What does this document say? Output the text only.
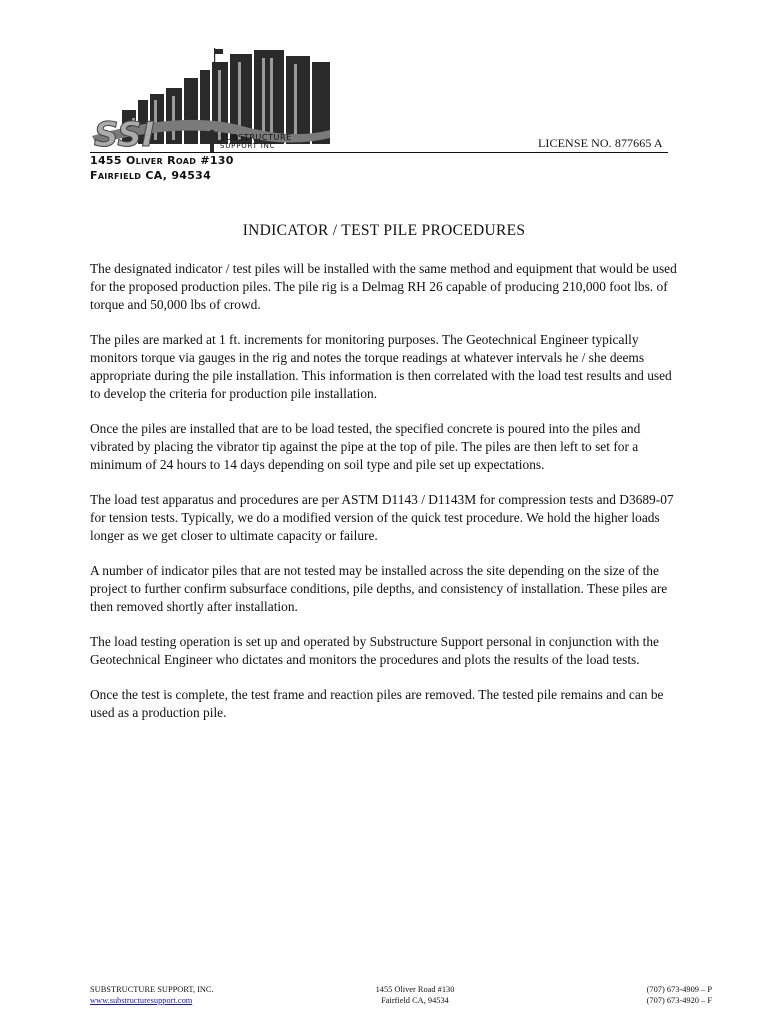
SSI	SUBSTRUCTURE
SUPPORT INC	LICENSE NO. 877665 A
1455 Oliver Road #130
Fairfield CA, 94534
INDICATOR / TEST PILE PROCEDURES

The designated indicator / test piles will be installed with the same method and equipment that would be used for the proposed production piles. The pile rig is a Delmag RH 26 capable of producing 210,000 foot lbs. of torque and 50,000 lbs of crowd.

The piles are marked at 1 ft. increments for monitoring purposes. The Geotechnical Engineer typically monitors torque via gauges in the rig and notes the torque readings at whatever intervals he / she deems appropriate during the pile installation. This information is then correlated with the load test results and used to develop the criteria for production pile installation.

Once the piles are installed that are to be load tested, the specified concrete is poured into the piles and vibrated by placing the vibrator tip against the pipe at the top of pile. The piles are then left to set for a minimum of 24 hours to 14 days depending on soil type and pile set up expectations.

The load test apparatus and procedures are per ASTM D1143 / D1143M for compression tests and D3689-07 for tension tests. Typically, we do a modified version of the quick test procedure. We hold the higher loads longer as we get closer to ultimate capacity or failure.

A number of indicator piles that are not tested may be installed across the site depending on the size of the project to further confirm subsurface conditions, pile depths, and consistency of installation. These piles are then removed shortly after installation.

The load testing operation is set up and operated by Substructure Support personal in conjunction with the Geotechnical Engineer who dictates and monitors the procedures and plots the results of the load tests.

Once the test is complete, the test frame and reaction piles are removed. The tested pile remains and can be used as a production pile.

SUBSTRUCTURE SUPPORT, INC.
www.substructuresupport.com
1455 Oliver Road #130
Fairfield CA, 94534
(707) 673-4909 – P
(707) 673-4920 – F
